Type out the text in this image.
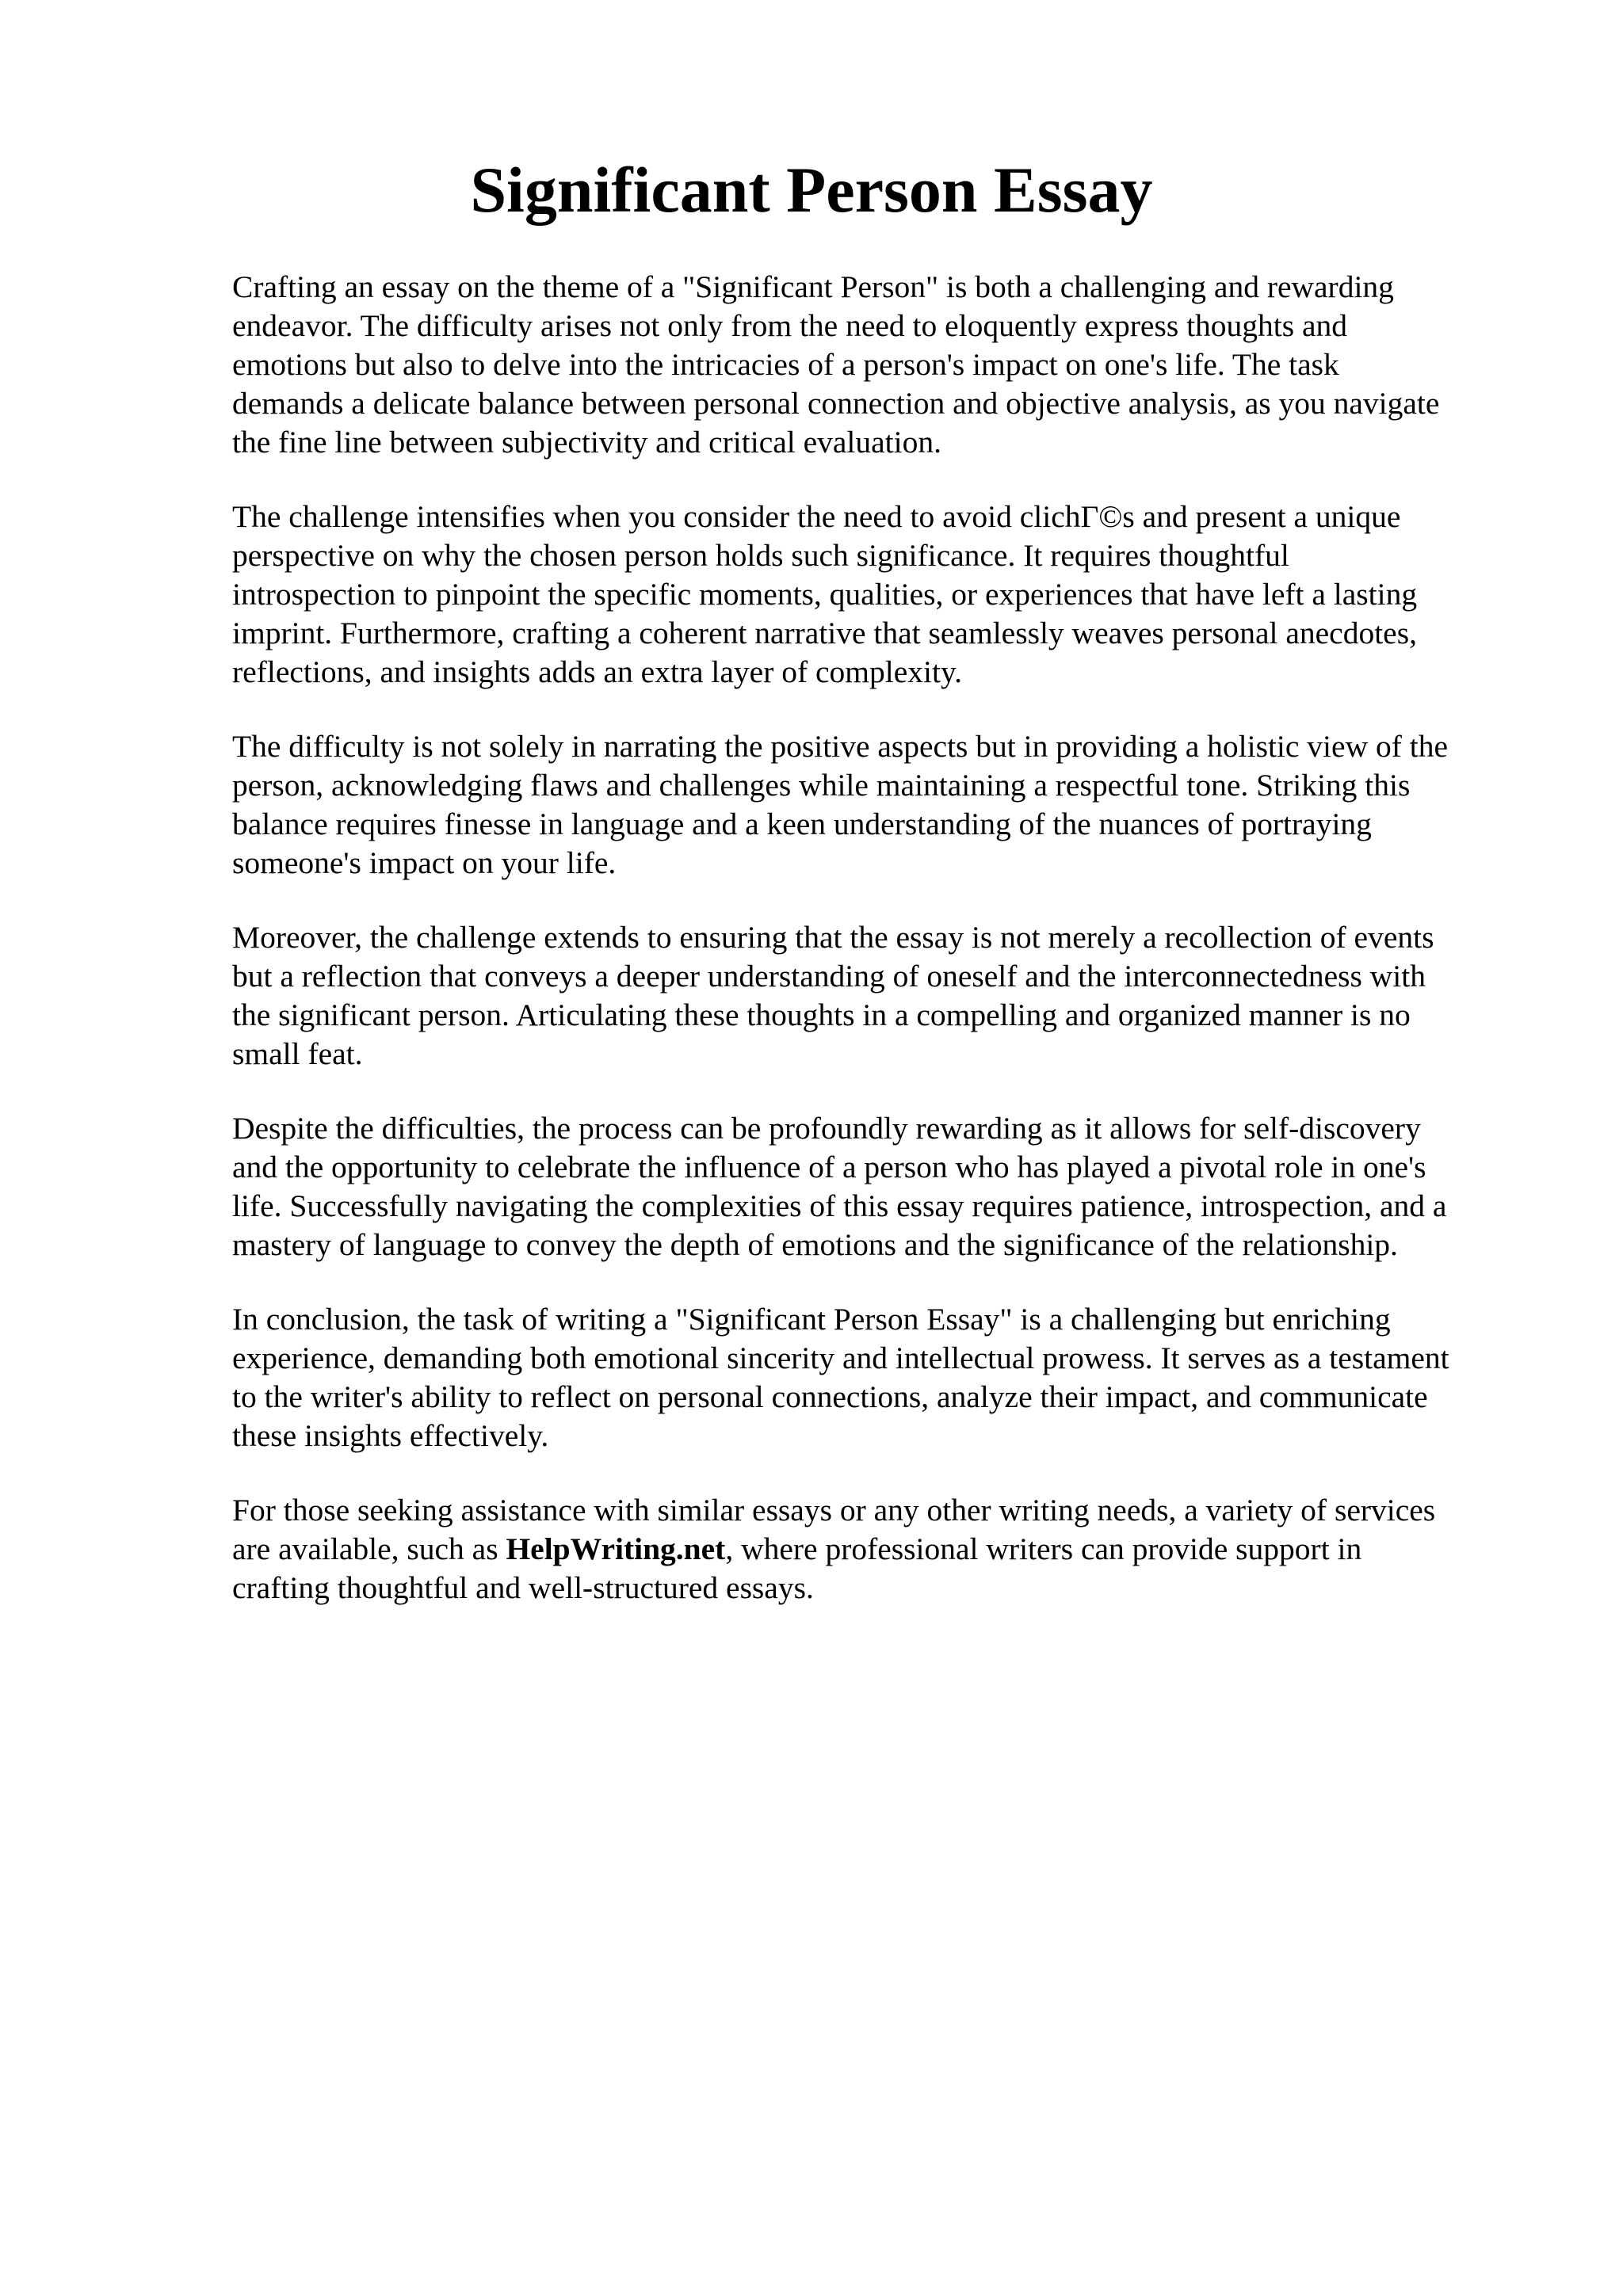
Significant Person Essay

Crafting an essay on the theme of a "Significant Person" is both a challenging and rewarding
endeavor. The difficulty arises not only from the need to eloquently express thoughts and
emotions but also to delve into the intricacies of a person's impact on one's life. The task
demands a delicate balance between personal connection and objective analysis, as you navigate
the fine line between subjectivity and critical evaluation.

The challenge intensifies when you consider the need to avoid clichΓ©s and present a unique
perspective on why the chosen person holds such significance. It requires thoughtful
introspection to pinpoint the specific moments, qualities, or experiences that have left a lasting
imprint. Furthermore, crafting a coherent narrative that seamlessly weaves personal anecdotes,
reflections, and insights adds an extra layer of complexity.

The difficulty is not solely in narrating the positive aspects but in providing a holistic view of the
person, acknowledging flaws and challenges while maintaining a respectful tone. Striking this
balance requires finesse in language and a keen understanding of the nuances of portraying
someone's impact on your life.

Moreover, the challenge extends to ensuring that the essay is not merely a recollection of events
but a reflection that conveys a deeper understanding of oneself and the interconnectedness with
the significant person. Articulating these thoughts in a compelling and organized manner is no
small feat.

Despite the difficulties, the process can be profoundly rewarding as it allows for self-discovery
and the opportunity to celebrate the influence of a person who has played a pivotal role in one's
life. Successfully navigating the complexities of this essay requires patience, introspection, and a
mastery of language to convey the depth of emotions and the significance of the relationship.

In conclusion, the task of writing a "Significant Person Essay" is a challenging but enriching
experience, demanding both emotional sincerity and intellectual prowess. It serves as a testament
to the writer's ability to reflect on personal connections, analyze their impact, and communicate
these insights effectively.

For those seeking assistance with similar essays or any other writing needs, a variety of services
are available, such as HelpWriting.net, where professional writers can provide support in
crafting thoughtful and well-structured essays.
